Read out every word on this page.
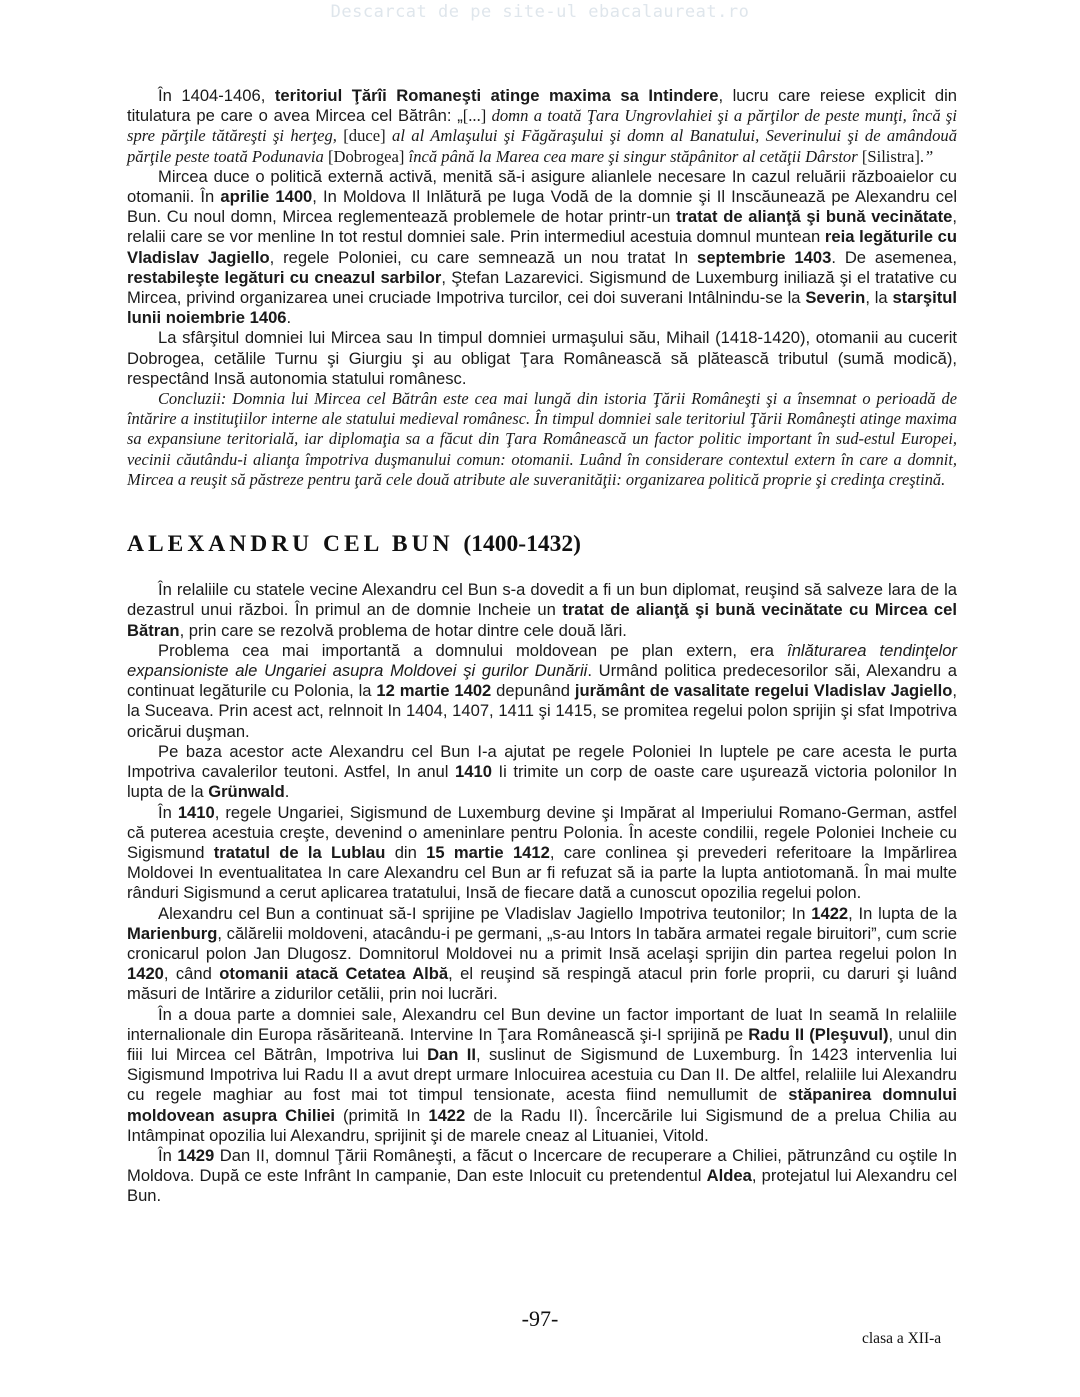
Descarcat de pe site-ul ebacalaureat.ro

În 1404-1406, teritoriul Ţărîi Romaneşti atinge maxima sa Intindere, lucru care reiese explicit din titulatura pe care o avea Mircea cel Bătrân: „[...] domn a toată Ţara Ungrovlahiei şi a părţilor de peste munţi, încă şi spre părţile tătăreşti şi herţeg, [duce] al al Amlaşului şi Făgăraşului şi domn al Banatului, Severinului şi de amândouă părţile peste toată Podunavia [Dobrogea] încă până la Marea cea mare şi singur stăpânitor al cetăţii Dârstor [Silistra].”

Mircea duce o politică externă activă, menită să-i asigure alianlele necesare In cazul reluării războaielor cu otomanii. În aprilie 1400, In Moldova Il Inlătură pe Iuga Vodă de la domnie şi Il Inscăunează pe Alexandru cel Bun. Cu noul domn, Mircea reglementează problemele de hotar printr-un tratat de alianţă şi bună vecinătate, relalii care se vor menline In tot restul domniei sale. Prin intermediul acestuia domnul muntean reia legăturile cu Vladislav Jagiello, regele Poloniei, cu care semnează un nou tratat In septembrie 1403. De asemenea, restabileşte legături cu cneazul sarbilor, Ştefan Lazarevici. Sigismund de Luxemburg iniliază şi el tratative cu Mircea, privind organizarea unei cruciade Impotriva turcilor, cei doi suverani Intâlnindu-se la Severin, la starşitul lunii noiembrie 1406.

La sfârşitul domniei lui Mircea sau In timpul domniei urmaşului său, Mihail (1418-1420), otomanii au cucerit Dobrogea, cetălile Turnu şi Giurgiu şi au obligat Ţara Românească să plătească tributul (sumă modică), respectând Insă autonomia statului românesc.

Concluzii: Domnia lui Mircea cel Bătrân este cea mai lungă din istoria Ţării Româneşti şi a însemnat o perioadă de întărire a instituţiilor interne ale statului medieval românesc. În timpul domniei sale teritoriul Ţării Româneşti atinge maxima sa expansiune teritorială, iar diplomaţia sa a făcut din Ţara Românească un factor politic important în sud-estul Europei, vecinii căutându-i alianţa împotriva duşmanului comun: otomanii. Luând în considerare contextul extern în care a domnit, Mircea a reuşit să păstreze pentru ţară cele două atribute ale suveranităţii: organizarea politică proprie şi credinţa creştină.

ALEXANDRU CEL BUN (1400-1432)

În relaliile cu statele vecine Alexandru cel Bun s-a dovedit a fi un bun diplomat, reuşind să salveze lara de la dezastrul unui război. În primul an de domnie Incheie un tratat de alianţă şi bună vecinătate cu Mircea cel Bătran, prin care se rezolvă problema de hotar dintre cele două lări.

Problema cea mai importantă a domnului moldovean pe plan extern, era înlăturarea tendinţelor expansioniste ale Ungariei asupra Moldovei şi gurilor Dunării. Urmând politica predecesorilor săi, Alexandru a continuat legăturile cu Polonia, la 12 martie 1402 depunând jurământ de vasalitate regelui Vladislav Jagiello, la Suceava. Prin acest act, relnnoit In 1404, 1407, 1411 şi 1415, se promitea regelui polon sprijin şi sfat Impotriva oricărui duşman.

Pe baza acestor acte Alexandru cel Bun I-a ajutat pe regele Poloniei In luptele pe care acesta le purta Impotriva cavalerilor teutoni. Astfel, In anul 1410 Ii trimite un corp de oaste care uşurează victoria polonilor In lupta de la Grünwald.

În 1410, regele Ungariei, Sigismund de Luxemburg devine şi Impărat al Imperiului Romano-German, astfel că puterea acestuia creşte, devenind o ameninlare pentru Polonia. În aceste condilii, regele Poloniei Incheie cu Sigismund tratatul de la Lublau din 15 martie 1412, care conlinea şi prevederi referitoare la Impărlirea Moldovei In eventualitatea In care Alexandru cel Bun ar fi refuzat să ia parte la lupta antiotomană. În mai multe rânduri Sigismund a cerut aplicarea tratatului, Insă de fiecare dată a cunoscut opozilia regelui polon.

Alexandru cel Bun a continuat să-I sprijine pe Vladislav Jagiello Impotriva teutonilor; In 1422, In lupta de la Marienburg, călărelii moldoveni, atacându-i pe germani, „s-au Intors In tabăra armatei regale biruitori”, cum scrie cronicarul polon Jan Dlugosz. Domnitorul Moldovei nu a primit Insă acelaşi sprijin din partea regelui polon In 1420, când otomanii atacă Cetatea Albă, el reuşind să respingă atacul prin forle proprii, cu daruri şi luând măsuri de Intărire a zidurilor cetălii, prin noi lucrări.

În a doua parte a domniei sale, Alexandru cel Bun devine un factor important de luat In seamă In relaliile internalionale din Europa răsăriteană. Intervine In Ţara Românească şi-I sprijină pe Radu II (Pleşuvul), unul din fiii lui Mircea cel Bătrân, Impotriva lui Dan II, suslinut de Sigismund de Luxemburg. În 1423 intervenlia lui Sigismund Impotriva lui Radu II a avut drept urmare Inlocuirea acestuia cu Dan II. De altfel, relaliile lui Alexandru cu regele maghiar au fost mai tot timpul tensionate, acesta fiind nemullumit de stăpanirea domnului moldovean asupra Chiliei (primită In 1422 de la Radu II). Încercările lui Sigismund de a prelua Chilia au Intâmpinat opozilia lui Alexandru, sprijinit şi de marele cneaz al Lituaniei, Vitold.

În 1429 Dan II, domnul Ţării Româneşti, a făcut o Incercare de recuperare a Chiliei, pătrunzând cu oştile In Moldova. După ce este Infrânt In campanie, Dan este Inlocuit cu pretendentul Aldea, protejatul lui Alexandru cel Bun.

-97-
clasa a XII-a
